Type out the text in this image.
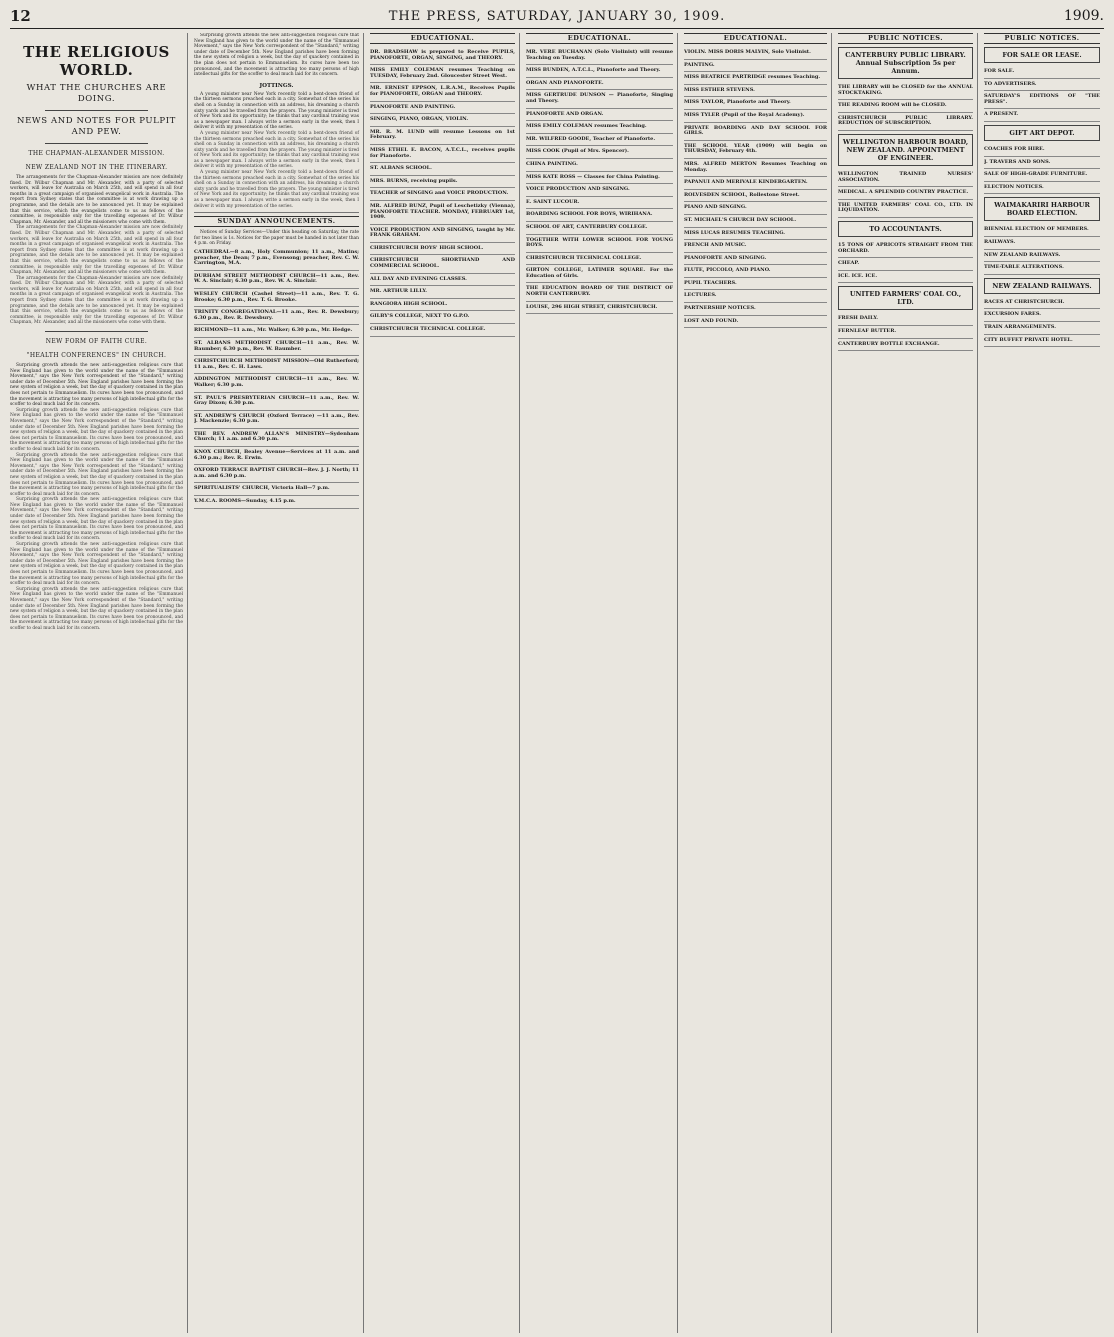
12	THE PRESS, SATURDAY, JANUARY 30, 1909.	1909.
THE RELIGIOUS WORLD.
WHAT THE CHURCHES ARE DOING.
NEWS AND NOTES FOR PULPIT AND PEW.
THE CHAPMAN-ALEXANDER MISSION.
NEW ZEALAND NOT IN THE ITINERARY.

The arrangements for the Chapman-Alexander mission are now definitely fixed. Dr. Wilbur Chapman and Mr. Alexander, with a party of selected workers, will leave for Australia on March 25th, and will spend in all four months in a great campaign of organised evangelical work in Australia. The report from Sydney states that the committee is at work drawing up a programme, and the details are to be announced yet. It may be explained that this service, which the evangelists come to us as fellows of the committee, is responsible only for the travelling expenses of Dr. Wilbur Chapman, Mr. Alexander, and all the missioners who come with them.

The arrangements for the Chapman-Alexander mission are now definitely fixed. Dr. Wilbur Chapman and Mr. Alexander, with a party of selected workers, will leave for Australia on March 25th, and will spend in all four months in a great campaign of organised evangelical work in Australia. The report from Sydney states that the committee is at work drawing up a programme, and the details are to be announced yet. It may be explained that this service, which the evangelists come to us as fellows of the committee, is responsible only for the travelling expenses of Dr. Wilbur Chapman, Mr. Alexander, and all the missioners who come with them.

The arrangements for the Chapman-Alexander mission are now definitely fixed. Dr. Wilbur Chapman and Mr. Alexander, with a party of selected workers, will leave for Australia on March 25th, and will spend in all four months in a great campaign of organised evangelical work in Australia. The report from Sydney states that the committee is at work drawing up a programme, and the details are to be announced yet. It may be explained that this service, which the evangelists come to us as fellows of the committee, is responsible only for the travelling expenses of Dr. Wilbur Chapman, Mr. Alexander, and all the missioners who come with them.

NEW FORM OF FAITH CURE.
"HEALTH CONFERENCES" IN CHURCH.

Surprising growth attends the new anti-suggestion religious cure that New England has given to the world under the name of the "Emmanuel Movement," says the New York correspondent of the "Standard," writing under date of December 5th. New England parishes have been forming the new system of religion a week, but the day of quackery contained in the plan does not pertain to Emmanuelism. Its cures have been too pronounced, and the movement is attracting too many persons of high intellectual gifts for the scoffer to deal much laid for its concern.

Surprising growth attends the new anti-suggestion religious cure that New England has given to the world under the name of the "Emmanuel Movement," says the New York correspondent of the "Standard," writing under date of December 5th. New England parishes have been forming the new system of religion a week, but the day of quackery contained in the plan does not pertain to Emmanuelism. Its cures have been too pronounced, and the movement is attracting too many persons of high intellectual gifts for the scoffer to deal much laid for its concern.

Surprising growth attends the new anti-suggestion religious cure that New England has given to the world under the name of the "Emmanuel Movement," says the New York correspondent of the "Standard," writing under date of December 5th. New England parishes have been forming the new system of religion a week, but the day of quackery contained in the plan does not pertain to Emmanuelism. Its cures have been too pronounced, and the movement is attracting too many persons of high intellectual gifts for the scoffer to deal much laid for its concern.

Surprising growth attends the new anti-suggestion religious cure that New England has given to the world under the name of the "Emmanuel Movement," says the New York correspondent of the "Standard," writing under date of December 5th. New England parishes have been forming the new system of religion a week, but the day of quackery contained in the plan does not pertain to Emmanuelism. Its cures have been too pronounced, and the movement is attracting too many persons of high intellectual gifts for the scoffer to deal much laid for its concern.

Surprising growth attends the new anti-suggestion religious cure that New England has given to the world under the name of the "Emmanuel Movement," says the New York correspondent of the "Standard," writing under date of December 5th. New England parishes have been forming the new system of religion a week, but the day of quackery contained in the plan does not pertain to Emmanuelism. Its cures have been too pronounced, and the movement is attracting too many persons of high intellectual gifts for the scoffer to deal much laid for its concern.

Surprising growth attends the new anti-suggestion religious cure that New England has given to the world under the name of the "Emmanuel Movement," says the New York correspondent of the "Standard," writing under date of December 5th. New England parishes have been forming the new system of religion a week, but the day of quackery contained in the plan does not pertain to Emmanuelism. Its cures have been too pronounced, and the movement is attracting too many persons of high intellectual gifts for the scoffer to deal much laid for its concern.

Surprising growth attends the new anti-suggestion religious cure that New England has given to the world under the name of the "Emmanuel Movement," says the New York correspondent of the "Standard," writing under date of December 5th. New England parishes have been forming the new system of religion a week, but the day of quackery contained in the plan does not pertain to Emmanuelism. Its cures have been too pronounced, and the movement is attracting too many persons of high intellectual gifts for the scoffer to deal much laid for its concern.

JOTTINGS.

A young minister near New York recently told a bent-down friend of the thirteen sermons preached each in a city. Somewhat of the series his shell on a Sunday in connection with an address, his dreaming a church sixty yards and he travelled from the prayers. The young minister is tired of New York and its opportunity; he thinks that any cardinal training was as a newspaper man. I always write a sermon early in the week, then I deliver it with my presentation of the series.

A young minister near New York recently told a bent-down friend of the thirteen sermons preached each in a city. Somewhat of the series his shell on a Sunday in connection with an address, his dreaming a church sixty yards and he travelled from the prayers. The young minister is tired of New York and its opportunity; he thinks that any cardinal training was as a newspaper man. I always write a sermon early in the week, then I deliver it with my presentation of the series.

A young minister near New York recently told a bent-down friend of the thirteen sermons preached each in a city. Somewhat of the series his shell on a Sunday in connection with an address, his dreaming a church sixty yards and he travelled from the prayers. The young minister is tired of New York and its opportunity; he thinks that any cardinal training was as a newspaper man. I always write a sermon early in the week, then I deliver it with my presentation of the series.

SUNDAY ANNOUNCEMENTS.

Notices of Sunday Services—Under this heading on Saturday, the rate for two lines is 1s. Notices for the paper must be handed in not later than 4 p.m. on Friday.

CATHEDRAL—8 a.m., Holy Communion; 11 a.m., Matins; preacher, the Dean; 7 p.m., Evensong; preacher, Rev. C. W. Carrington, M.A.
DURHAM STREET METHODIST CHURCH—11 a.m., Rev. W. A. Sinclair; 6.30 p.m., Rev. W. A. Sinclair.
WESLEY CHURCH (Cashel Street)—11 a.m., Rev. T. G. Brooke; 6.30 p.m., Rev. T. G. Brooke.
TRINITY CONGREGATIONAL—11 a.m., Rev. R. Dewsbury; 6.30 p.m., Rev. R. Dewsbury.
RICHMOND—11 a.m., Mr. Walker; 6.30 p.m., Mr. Hedge.
ST. ALBANS METHODIST CHURCH—11 a.m., Rev. W. Baumber; 6.30 p.m., Rev. W. Baumber.
CHRISTCHURCH METHODIST MISSION—Old Rutherford; 11 a.m., Rev. C. H. Laws.
ADDINGTON METHODIST CHURCH—11 a.m., Rev. W. Walker; 6.30 p.m.
ST. PAUL'S PRESBYTERIAN CHURCH—11 a.m., Rev. W. Gray Dixon; 6.30 p.m.
ST. ANDREW'S CHURCH (Oxford Terrace) —11 a.m., Rev. J. Mackenzie; 6.30 p.m.
THE REV. ANDREW ALLAN'S MINISTRY—Sydenham Church; 11 a.m. and 6.30 p.m.
KNOX CHURCH, Bealey Avenue—Services at 11 a.m. and 6.30 p.m.; Rev. R. Erwin.
OXFORD TERRACE BAPTIST CHURCH—Rev. J. J. North; 11 a.m. and 6.30 p.m.
SPIRITUALISTS' CHURCH, Victoria Hall—7 p.m.
Y.M.C.A. ROOMS—Sunday, 4.15 p.m.
EDUCATIONAL.
DR. BRADSHAW is prepared to Receive PUPILS, PIANOFORTE, ORGAN, SINGING, and THEORY.
MISS EMILY COLEMAN resumes Teaching on TUESDAY, February 2nd. Gloucester Street West.
MR. ERNEST EPPSON, L.R.A.M., Receives Pupils for PIANOFORTE, ORGAN and THEORY.
PIANOFORTE AND PAINTING.
SINGING, PIANO, ORGAN, VIOLIN.
MR. R. M. LUND will resume Lessons on 1st February.
MISS ETHEL E. BACON, A.T.C.L., receives pupils for Pianoforte.
ST. ALBANS SCHOOL.
MRS. BURNS, receiving pupils.
TEACHER of SINGING and VOICE PRODUCTION.
MR. ALFRED BUNZ, Pupil of Leschetizky (Vienna), PIANOFORTE TEACHER. MONDAY, FEBRUARY 1st, 1909.
VOICE PRODUCTION AND SINGING, taught by Mr. FRANK GRAHAM.
CHRISTCHURCH BOYS' HIGH SCHOOL.
CHRISTCHURCH SHORTHAND AND COMMERCIAL SCHOOL.
ALL DAY AND EVENING CLASSES.
MR. ARTHUR LILLY.
RANGIORA HIGH SCHOOL.
GILBY'S COLLEGE, NEXT TO G.P.O.
CHRISTCHURCH TECHNICAL COLLEGE.
EDUCATIONAL.
MR. VERE BUCHANAN (Solo Violinist) will resume Teaching on Tuesday.
MISS BUNDEN, A.T.C.L., Pianoforte and Theory.
ORGAN AND PIANOFORTE.
MISS GERTRUDE DUNSON — Pianoforte, Singing and Theory.
PIANOFORTE AND ORGAN.
MISS EMILY COLEMAN resumes Teaching.
MR. WILFRED GOODE, Teacher of Pianoforte.
MISS COOK (Pupil of Mrs. Spencer).
CHINA PAINTING.
MISS KATE ROSS — Classes for China Painting.
VOICE PRODUCTION AND SINGING.
E. SAINT LUCOUR.
BOARDING SCHOOL FOR BOYS, WIRIHANA.
SCHOOL OF ART, CANTERBURY COLLEGE.
TOGETHER WITH LOWER SCHOOL FOR YOUNG BOYS.
CHRISTCHURCH TECHNICAL COLLEGE.
GIRTON COLLEGE, LATIMER SQUARE. For the Education of Girls.
THE EDUCATION BOARD OF THE DISTRICT OF NORTH CANTERBURY.
LOUISE, 296 HIGH STREET, CHRISTCHURCH.
EDUCATIONAL.
VIOLIN. MISS DORIS MALVIN, Solo Violinist.
PAINTING.
MISS BEATRICE PARTRIDGE resumes Teaching.
MISS ESTHER STEVENS.
MISS TAYLOR, Pianoforte and Theory.
MISS TYLER (Pupil of the Royal Academy).
PRIVATE BOARDING AND DAY SCHOOL FOR GIRLS.
THE SCHOOL YEAR (1909) will begin on THURSDAY, February 4th.
MRS. ALFRED MERTON Resumes Teaching on Monday.
PAPANUI AND MERIVALE KINDERGARTEN.
ROLVESDEN SCHOOL, Rollestone Street.
PIANO AND SINGING.
ST. MICHAEL'S CHURCH DAY SCHOOL.
MISS LUCAS RESUMES TEACHING.
FRENCH AND MUSIC.
PIANOFORTE AND SINGING.
FLUTE, PICCOLO, AND PIANO.
PUPIL TEACHERS.
LECTURES.
PARTNERSHIP NOTICES.
LOST AND FOUND.
PUBLIC NOTICES.
CANTERBURY PUBLIC LIBRARY. Annual Subscription 5s per Annum.
THE LIBRARY will be CLOSED for the ANNUAL STOCKTAKING.
THE READING ROOM will be CLOSED.
CHRISTCHURCH PUBLIC LIBRARY. REDUCTION OF SUBSCRIPTION.
WELLINGTON HARBOUR BOARD, NEW ZEALAND. APPOINTMENT OF ENGINEER.
WELLINGTON TRAINED NURSES' ASSOCIATION.
MEDICAL. A SPLENDID COUNTRY PRACTICE.
THE UNITED FARMERS' COAL CO., LTD. IN LIQUIDATION.
TO ACCOUNTANTS.
15 TONS OF APRICOTS STRAIGHT FROM THE ORCHARD.
CHEAP.
ICE. ICE. ICE.
UNITED FARMERS' COAL CO., LTD.
FRESH DAILY.
FERNLEAF BUTTER.
CANTERBURY BOTTLE EXCHANGE.
PUBLIC NOTICES.
FOR SALE OR LEASE.
FOR SALE.
TO ADVERTISERS.
SATURDAY'S EDITIONS OF "THE PRESS".
A PRESENT.
GIFT ART DEPOT.
COACHES FOR HIRE.
J. TRAVERS AND SONS.
SALE OF HIGH-GRADE FURNITURE.
ELECTION NOTICES.
WAIMAKARIRI HARBOUR BOARD ELECTION.
BIENNIAL ELECTION OF MEMBERS.
RAILWAYS.
NEW ZEALAND RAILWAYS.
TIME-TABLE ALTERATIONS.
NEW ZEALAND RAILWAYS.
RACES AT CHRISTCHURCH.
EXCURSION FARES.
TRAIN ARRANGEMENTS.
CITY BUFFET PRIVATE HOTEL.
